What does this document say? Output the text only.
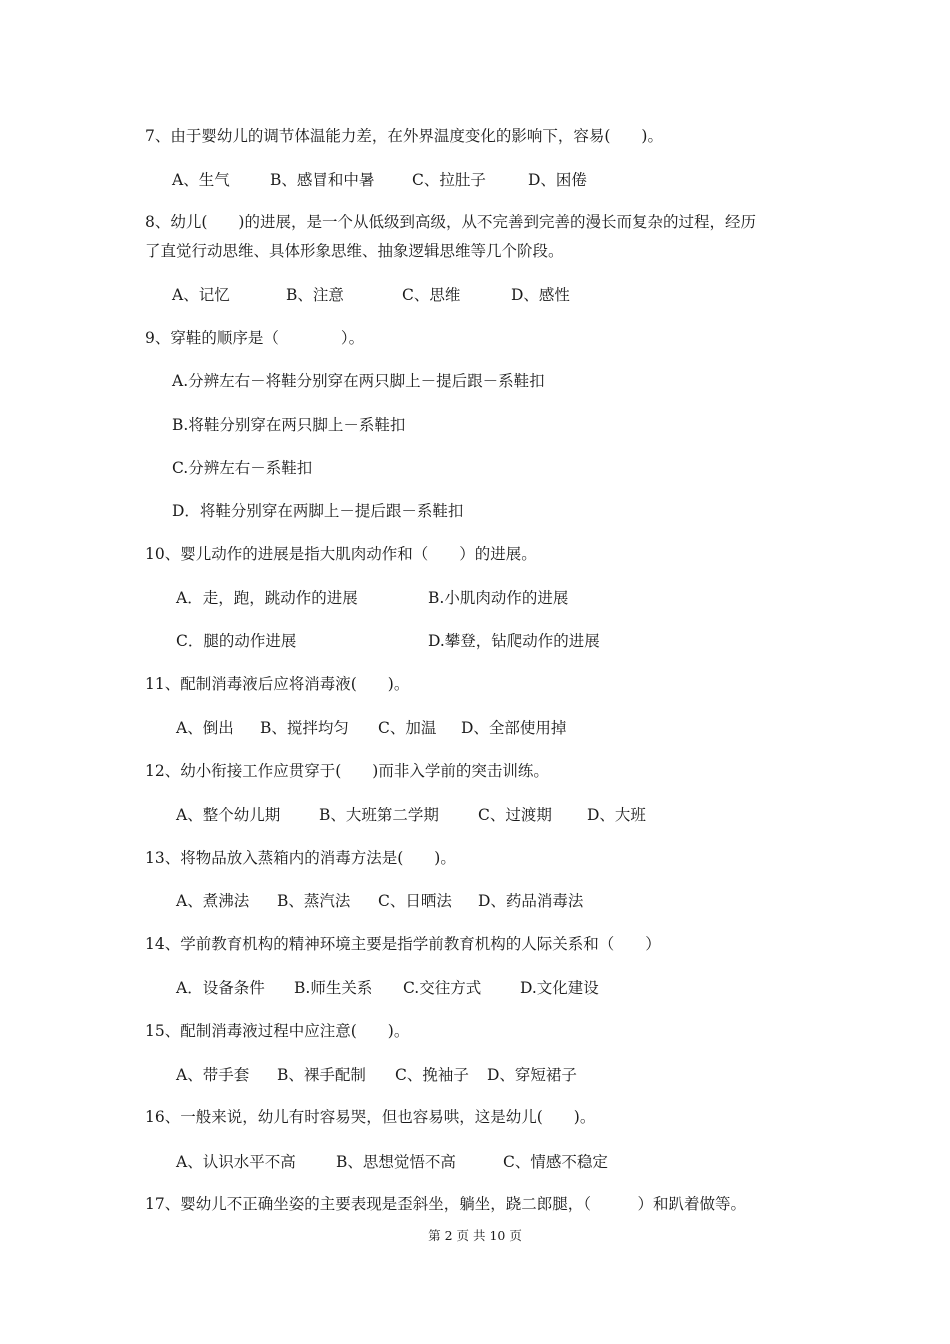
7、由于婴幼儿的调节体温能力差，在外界温度变化的影响下，容易(　　)。
A、生气	B、感冒和中暑 C、拉肚子	D、困倦
8、幼儿(　　)的进展，是一个从低级到高级，从不完善到完善的漫长而复杂的过程，经历
了直觉行动思维、具体形象思维、抽象逻辑思维等几个阶段。
A、记忆	B、注意	C、思维	D、感性
9、穿鞋的顺序是（　　　　）。
A.分辨左右－将鞋分别穿在两只脚上－提后跟－系鞋扣
B.将鞋分别穿在两只脚上－系鞋扣
C.分辨左右－系鞋扣
D．将鞋分别穿在两脚上－提后跟－系鞋扣
10、婴儿动作的进展是指大肌肉动作和（　　）的进展。
A．走，跑，跳动作的进展	B.小肌肉动作的进展
C．腿的动作进展	D.攀登，钻爬动作的进展
11、配制消毒液后应将消毒液(　　)。
A、倒出 B、搅拌均匀 C、加温 D、全部使用掉
12、幼小衔接工作应贯穿于(　　)而非入学前的突击训练。
A、整个幼儿期	B、大班第二学期	C、过渡期 D、大班
13、将物品放入蒸箱内的消毒方法是(　　)。
A、煮沸法 B、蒸汽法 C、日晒法 D、药品消毒法
14、学前教育机构的精神环境主要是指学前教育机构的人际关系和（　　）
A．设备条件 B.师生关系 C.交往方式	D.文化建设
15、配制消毒液过程中应注意(　　)。
A、带手套 B、裸手配制 C、挽袖子 D、穿短裙子
16、一般来说，幼儿有时容易哭，但也容易哄，这是幼儿(　　)。
A、认识水平不高	B、思想觉悟不高	C、情感不稳定
17、婴幼儿不正确坐姿的主要表现是歪斜坐，躺坐，跷二郎腿，（　　　）和趴着做等。
第 2 页 共 10 页
